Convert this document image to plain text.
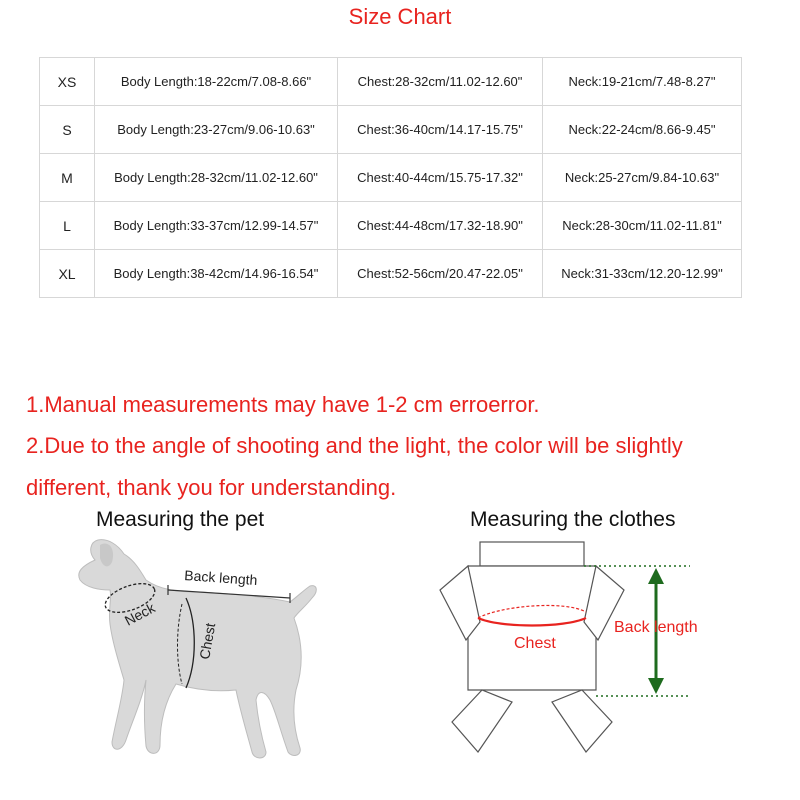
Size Chart
XS	Body Length:18-22cm/7.08-8.66"	Chest:28-32cm/11.02-12.60"	Neck:19-21cm/7.48-8.27"
S	Body Length:23-27cm/9.06-10.63"	Chest:36-40cm/14.17-15.75"	Neck:22-24cm/8.66-9.45"
M	Body Length:28-32cm/11.02-12.60"	Chest:40-44cm/15.75-17.32"	Neck:25-27cm/9.84-10.63"
L	Body Length:33-37cm/12.99-14.57"	Chest:44-48cm/17.32-18.90"	Neck:28-30cm/11.02-11.81"
XL	Body Length:38-42cm/14.96-16.54"	Chest:52-56cm/20.47-22.05"	Neck:31-33cm/12.20-12.99"
1.Manual measurements may have 1-2 cm erroerror.
2.Due to the angle of shooting and the light, the color will be slightly
different, thank you for understanding.
Measuring the pet	Measuring the clothes
Back length
Neck
Chest	Chest
Back length
